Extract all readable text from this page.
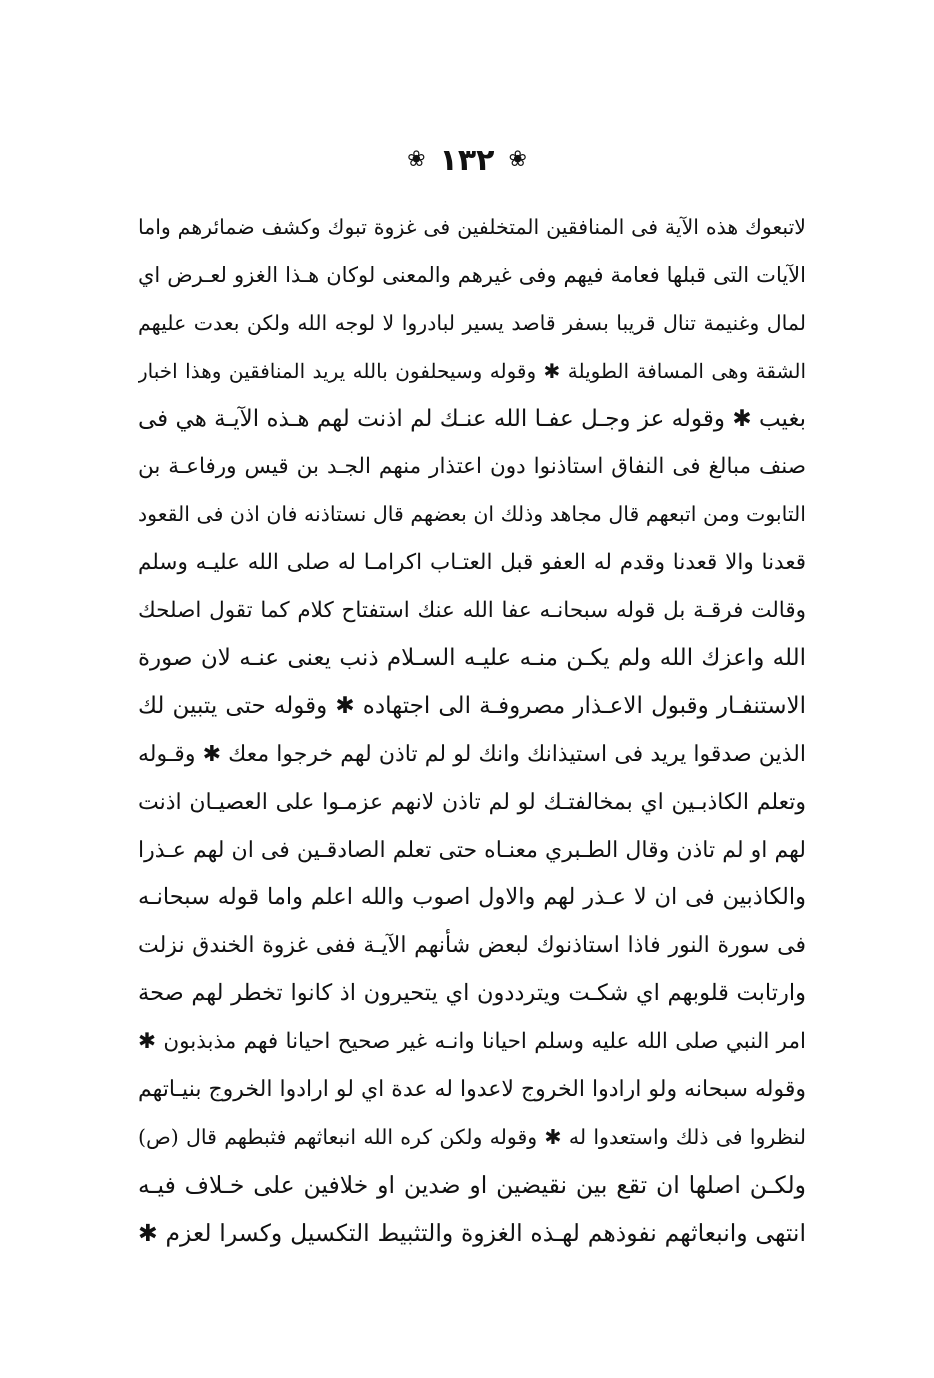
❀
١٣٢
❀
لاتبعوك هذه الآية فى المنافقين المتخلفين فى غزوة تبوك وكشف ضمائرهم واما
الآيات التى قبلها فعامة فيهم وفى غيرهم والمعنى لوكان هـذا الغزو لعـرض اي
لمال وغنيمة تنال قريبا بسفر قاصد يسير لبادروا لا لوجه الله ولكن بعدت عليهم
الشقة وهى المسافة الطويلة ✱ وقوله وسيحلفون بالله يريد المنافقين وهذا اخبار
بغيب ✱ وقوله عز وجـل عفـا الله عنـك لم اذنت لهم هـذه الآيـة هي فى
صنف مبالغ فى النفاق استاذنوا دون اعتذار منهم الجـد بن قيس ورفاعـة بن
التابوت ومن اتبعهم قال مجاهد وذلك ان بعضهم قال نستاذنه فان اذن فى القعود
قعدنا والا قعدنا وقدم له العفو قبل العتـاب اكرامـا له صلى الله عليـه وسلم
وقالت فرقـة بل قوله سبحانـه عفا الله عنك استفتاح كلام كما تقول اصلحك
الله واعزك الله ولم يكـن منـه عليـه السـلام ذنب يعنى عنـه لان صورة
الاستنفـار وقبول الاعـذار مصروفـة الى اجتهاده ✱ وقوله حتى يتبين لك
الذين صدقوا يريد فى استيذانك وانك لو لم تاذن لهم خرجوا معك ✱ وقـوله
وتعلم الكاذبـين اي بمخالفتـك لو لم تاذن لانهم عزمـوا على العصيـان اذنت
لهم او لم تاذن وقال الطـبري معنـاه حتى تعلم الصادقـين فى ان لهم عـذرا
والكاذبين فى ان لا عـذر لهم والاول اصوب والله اعلم واما قوله سبحانـه
فى سورة النور فاذا استاذنوك لبعض شأنهم الآيـة ففى غزوة الخندق نزلت
وارتابت قلوبهم اي شكـت ويترددون اي يتحيرون اذ كانوا تخطر لهم صحة
امر النبي صلى الله عليه وسلم احيانا وانـه غير صحيح احيانا فهم مذبذبون ✱
وقوله سبحانه ولو ارادوا الخروج لاعدوا له عدة اي لو ارادوا الخروج بنيـاتهم
لنظروا فى ذلك واستعدوا له ✱ وقوله ولكن كره الله انبعاثهم فثبطهم قال (ص)
ولكـن اصلها ان تقع بين نقيضين او ضدين او خلافين على خـلاف فيـه
انتهى وانبعاثهم نفوذهم لهـذه الغزوة والتثبيط التكسيل وكسرا لعزم ✱
